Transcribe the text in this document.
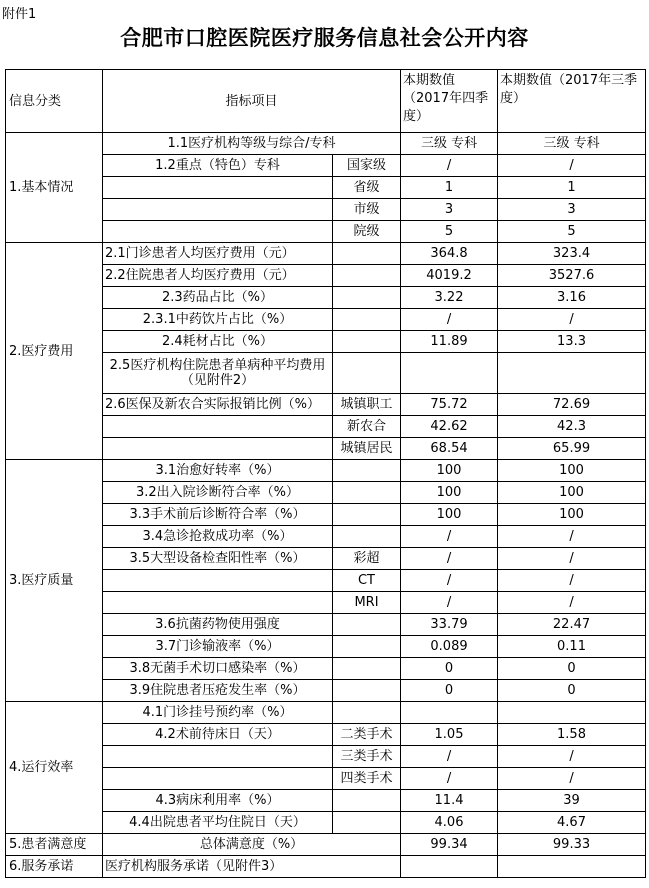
附件1
合肥市口腔医院医疗服务信息社会公开内容
信息分类	指标项目		本期数值（2017年四季度）	本期数值（2017年三季度）
1.基本情况	1.1医疗机构等级与综合/专科		三级 专科	三级 专科
	1.2重点（特色）专科	国家级	/	/
		省级	1	1
		市级	3	3
		院级	5	5
2.医疗费用	2.1门诊患者人均医疗费用（元）		364.8	323.4
	2.2住院患者人均医疗费用（元）		4019.2	3527.6
	2.3药品占比（%）		3.22	3.16
	2.3.1中药饮片占比（%）		/	/
	2.4耗材占比（%）		11.89	13.3
	2.5医疗机构住院患者单病种平均费用（见附件2）			
	2.6医保及新农合实际报销比例（%）	城镇职工	75.72	72.69
		新农合	42.62	42.3
		城镇居民	68.54	65.99
3.医疗质量	3.1治愈好转率（%）		100	100
	3.2出入院诊断符合率（%）		100	100
	3.3手术前后诊断符合率（%）		100	100
	3.4急诊抢救成功率（%）		/	/
	3.5大型设备检查阳性率（%）	彩超	/	/
		CT	/	/
		MRI	/	/
	3.6抗菌药物使用强度		33.79	22.47
	3.7门诊输液率（%）		0.089	0.11
	3.8无菌手术切口感染率（%）		0	0
	3.9住院患者压疮发生率（%）		0	0
4.运行效率	4.1门诊挂号预约率（%）			
	4.2术前待床日（天）	二类手术	1.05	1.58
		三类手术	/	/
		四类手术	/	/
	4.3病床利用率（%）		11.4	39
	4.4出院患者平均住院日（天）		4.06	4.67
5.患者满意度	总体满意度（%）		99.34	99.33
6.服务承诺	医疗机构服务承诺（见附件3）			
